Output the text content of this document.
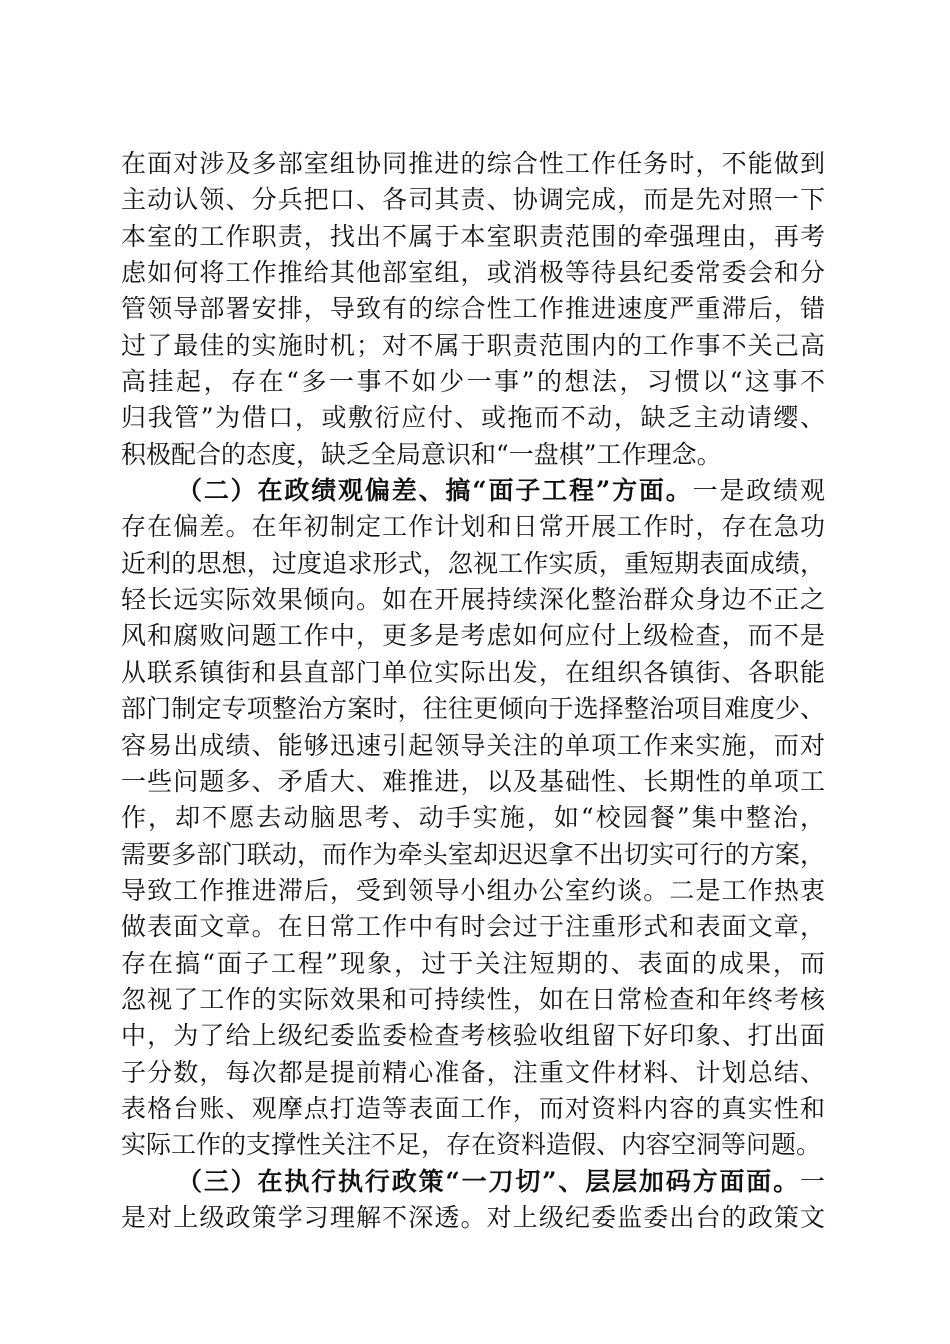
在面对涉及多部室组协同推进的综合性工作任务时，不能做到
主动认领、分兵把口、各司其责、协调完成，而是先对照一下
本室的工作职责，找出不属于本室职责范围的牵强理由，再考
虑如何将工作推给其他部室组，或消极等待县纪委常委会和分
管领导部署安排，导致有的综合性工作推进速度严重滞后，错
过了最佳的实施时机；对不属于职责范围内的工作事不关己高
高挂起，存在“多一事不如少一事”的想法，习惯以“这事不
归我管”为借口，或敷衍应付、或拖而不动，缺乏主动请缨、
积极配合的态度，缺乏全局意识和“一盘棋”工作理念。
（二）在政绩观偏差、搞“面子工程”方面。一是政绩观
存在偏差。在年初制定工作计划和日常开展工作时，存在急功
近利的思想，过度追求形式，忽视工作实质，重短期表面成绩，
轻长远实际效果倾向。如在开展持续深化整治群众身边不正之
风和腐败问题工作中，更多是考虑如何应付上级检查，而不是
从联系镇街和县直部门单位实际出发，在组织各镇街、各职能
部门制定专项整治方案时，往往更倾向于选择整治项目难度少、
容易出成绩、能够迅速引起领导关注的单项工作来实施，而对
一些问题多、矛盾大、难推进，以及基础性、长期性的单项工
作，却不愿去动脑思考、动手实施，如“校园餐”集中整治，
需要多部门联动，而作为牵头室却迟迟拿不出切实可行的方案，
导致工作推进滞后，受到领导小组办公室约谈。二是工作热衷
做表面文章。在日常工作中有时会过于注重形式和表面文章，
存在搞“面子工程”现象，过于关注短期的、表面的成果，而
忽视了工作的实际效果和可持续性，如在日常检查和年终考核
中，为了给上级纪委监委检查考核验收组留下好印象、打出面
子分数，每次都是提前精心准备，注重文件材料、计划总结、
表格台账、观摩点打造等表面工作，而对资料内容的真实性和
实际工作的支撑性关注不足，存在资料造假、内容空洞等问题。
（三）在执行执行政策“一刀切”、层层加码方面面。一
是对上级政策学习理解不深透。对上级纪委监委出台的政策文
